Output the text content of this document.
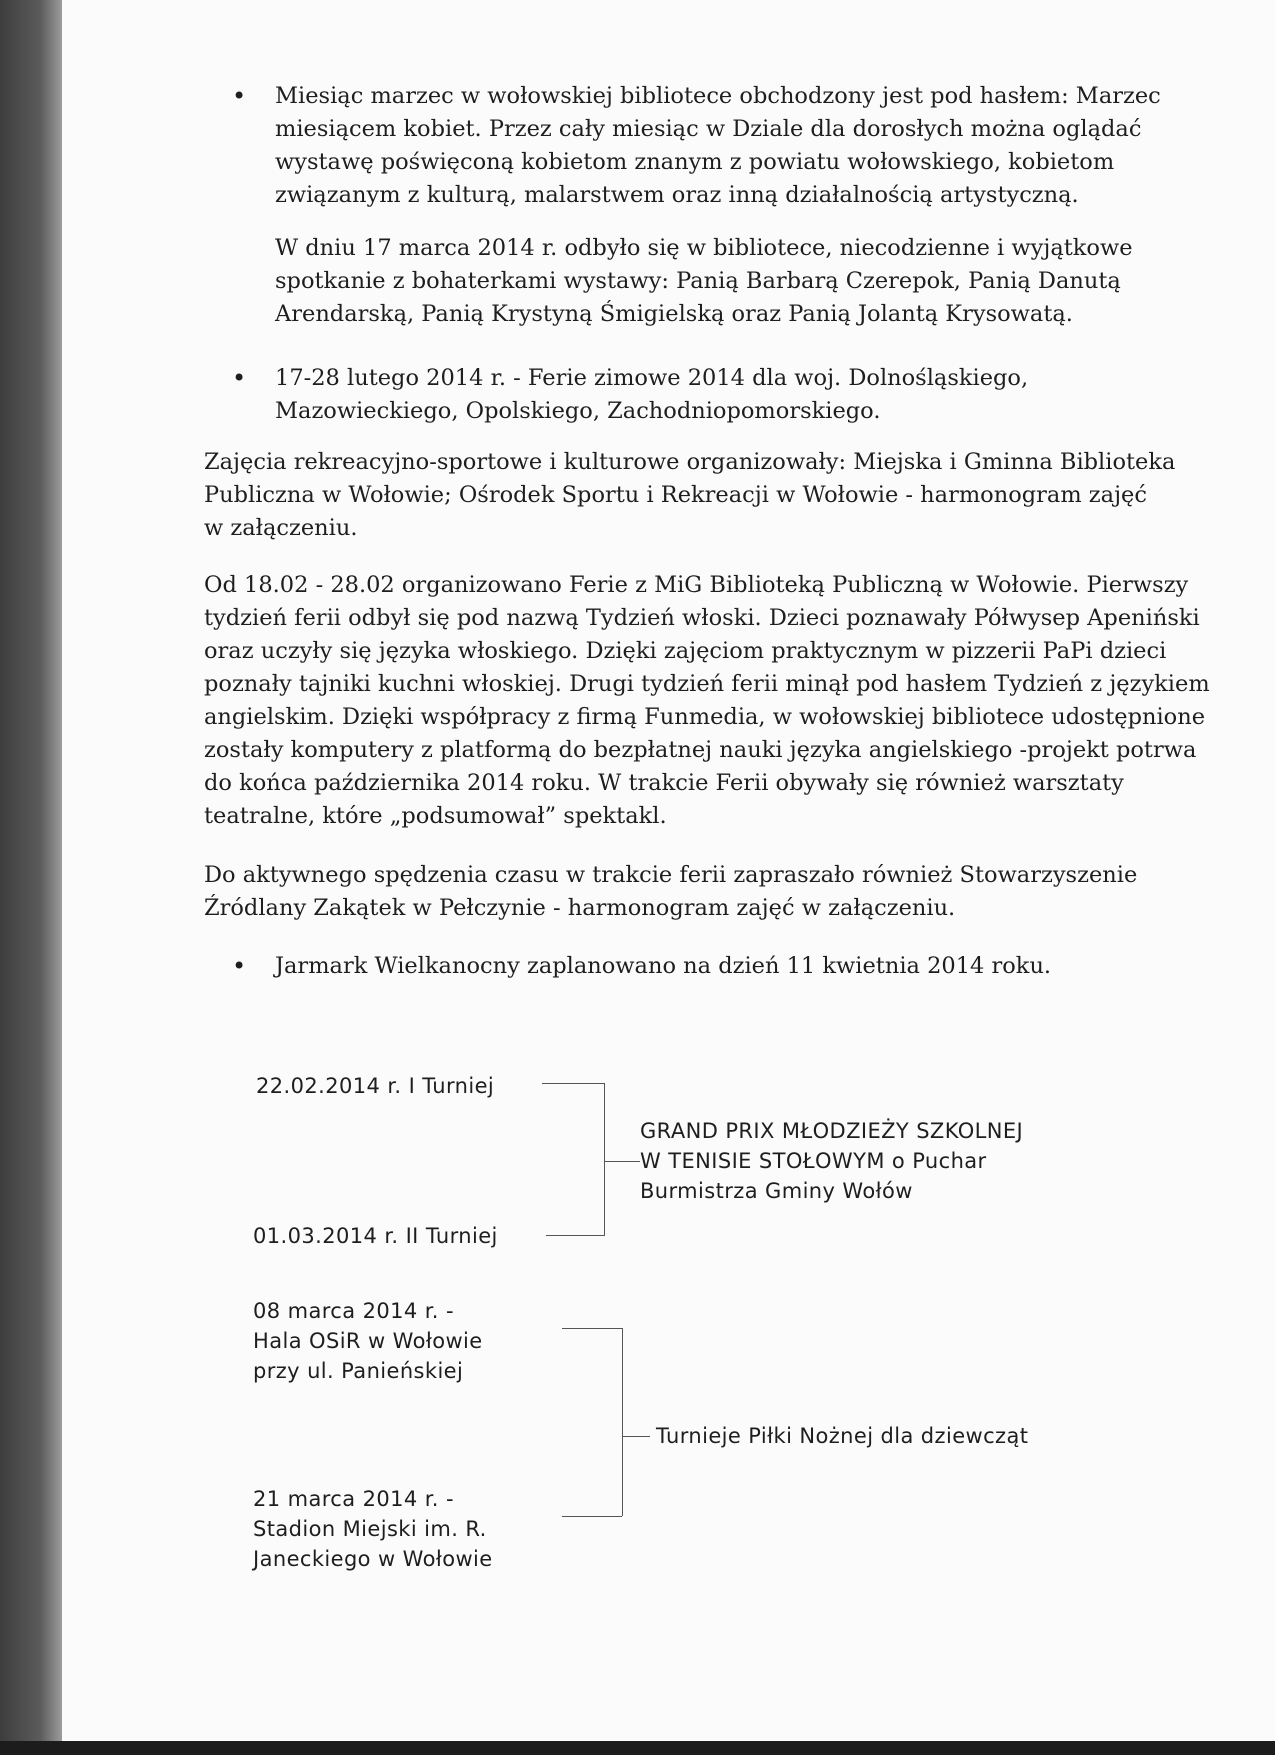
• Miesiąc marzec w wołowskiej bibliotece obchodzony jest pod hasłem: Marzec
miesiącem kobiet. Przez cały miesiąc w Dziale dla dorosłych można oglądać
wystawę poświęconą kobietom znanym z powiatu wołowskiego, kobietom
związanym z kulturą, malarstwem oraz inną działalnością artystyczną.
W dniu 17 marca 2014 r. odbyło się w bibliotece, niecodzienne i wyjątkowe
spotkanie z bohaterkami wystawy: Panią Barbarą Czerepok, Panią Danutą
Arendarską, Panią Krystyną Śmigielską oraz Panią Jolantą Krysowatą.
• 17-28 lutego 2014 r. - Ferie zimowe 2014 dla woj. Dolnośląskiego,
Mazowieckiego, Opolskiego, Zachodniopomorskiego.
Zajęcia rekreacyjno-sportowe i kulturowe organizowały: Miejska i Gminna Biblioteka
Publiczna w Wołowie; Ośrodek Sportu i Rekreacji w Wołowie - harmonogram zajęć
w załączeniu.
Od 18.02 - 28.02 organizowano Ferie z MiG Biblioteką Publiczną w Wołowie. Pierwszy
tydzień ferii odbył się pod nazwą Tydzień włoski. Dzieci poznawały Półwysep Apeniński
oraz uczyły się języka włoskiego. Dzięki zajęciom praktycznym w pizzerii PaPi dzieci
poznały tajniki kuchni włoskiej. Drugi tydzień ferii minął pod hasłem Tydzień z językiem
angielskim. Dzięki współpracy z firmą Funmedia, w wołowskiej bibliotece udostępnione
zostały komputery z platformą do bezpłatnej nauki języka angielskiego -projekt potrwa
do końca października 2014 roku. W trakcie Ferii obywały się również warsztaty
teatralne, które „podsumował” spektakl.
Do aktywnego spędzenia czasu w trakcie ferii zapraszało również Stowarzyszenie
Źródlany Zakątek w Pełczynie - harmonogram zajęć w załączeniu.
• Jarmark Wielkanocny zaplanowano na dzień 11 kwietnia 2014 roku.
22.02.2014 r. I Turniej
01.03.2014 r. II Turniej
GRAND PRIX MŁODZIEŻY SZKOLNEJ
W TENISIE STOŁOWYM o Puchar
Burmistrza Gminy Wołów
08 marca 2014 r. -
Hala OSiR w Wołowie
przy ul. Panieńskiej
21 marca 2014 r. -
Stadion Miejski im. R.
Janeckiego w Wołowie
Turnieje Piłki Nożnej dla dziewcząt
